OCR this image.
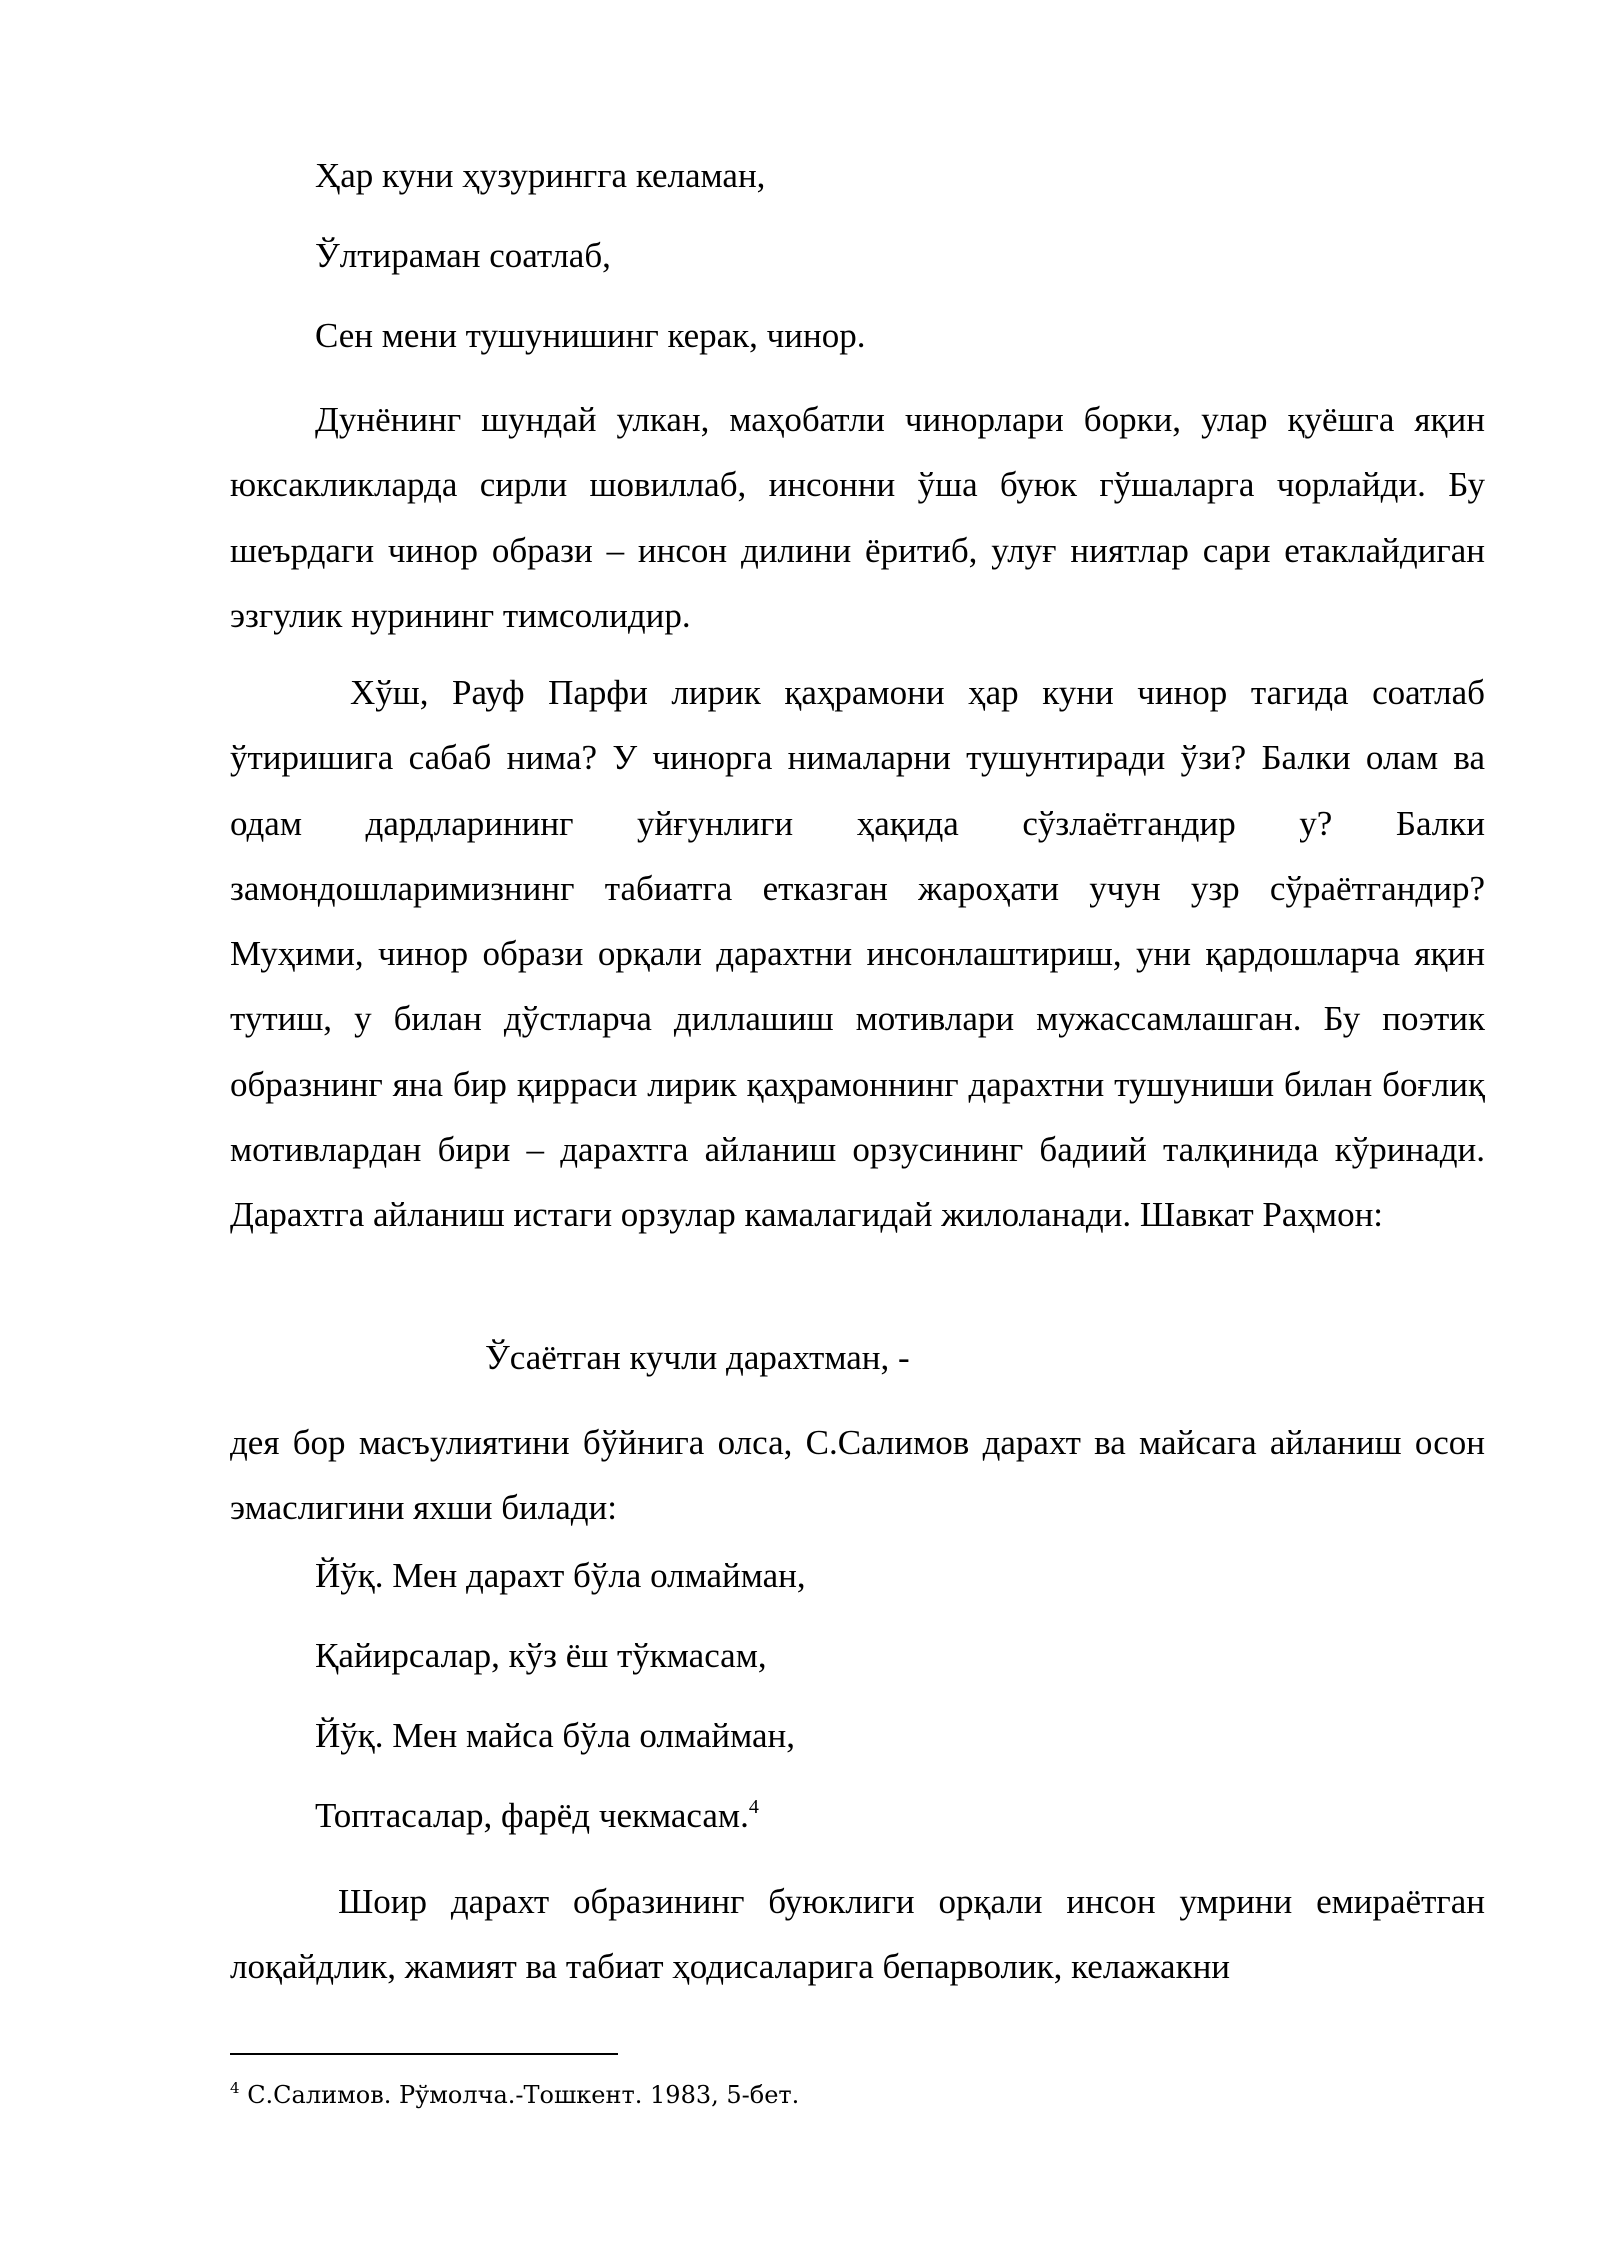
Ҳар куни ҳузурингга келаман,
Ўлтираман соатлаб,
Сен мени тушунишинг керак, чинор.

Дунёнинг шундай улкан, маҳобатли чинорлари борки, улар қуёшга яқин юксакликларда сирли шовиллаб, инсонни ўша буюк гўшаларга чорлайди. Бу шеърдаги чинор образи – инсон дилини ёритиб, улуғ ниятлар сари етаклайдиган эзгулик нурининг тимсолидир.

Хўш, Рауф Парфи лирик қаҳрамони ҳар куни чинор тагида соатлаб ўтиришига сабаб нима? У чинорга нималарни тушунтиради ўзи? Балки олам ва одам дардларининг уйғунлиги ҳақида сўзлаётгандир у? Балки замондошларимизнинг табиатга етказган жароҳати учун узр сўраётгандир? Муҳими, чинор образи орқали дарахтни инсонлаштириш, уни қардошларча яқин тутиш, у билан дўстларча диллашиш мотивлари мужассамлашган. Бу поэтик образнинг яна бир қирраси лирик қаҳрамоннинг дарахтни тушуниши билан боғлиқ мотивлардан бири – дарахтга айланиш орзусининг бадиий талқинида кўринади. Дарахтга айланиш истаги орзулар камалагидай жилоланади. Шавкат Раҳмон:

Ўсаётган кучли дарахтман, -

дея бор масъулиятини бўйнига олса, С.Салимов дарахт ва майсага айланиш осон эмаслигини яхши билади:

Йўқ. Мен дарахт бўла олмайман,
Қайирсалар, кўз ёш тўкмасам,
Йўқ. Мен майса бўла олмайман,
Топтасалар, фарёд чекмасам.$^4$

Шоир дарахт образининг буюклиги орқали инсон умрини емираётган лоқайдлик, жамият ва табиат ҳодисаларига бепарволик, келажакни

$^4$ С.Салимов. Рўмолча.-Тошкент. 1983, 5-бет.
